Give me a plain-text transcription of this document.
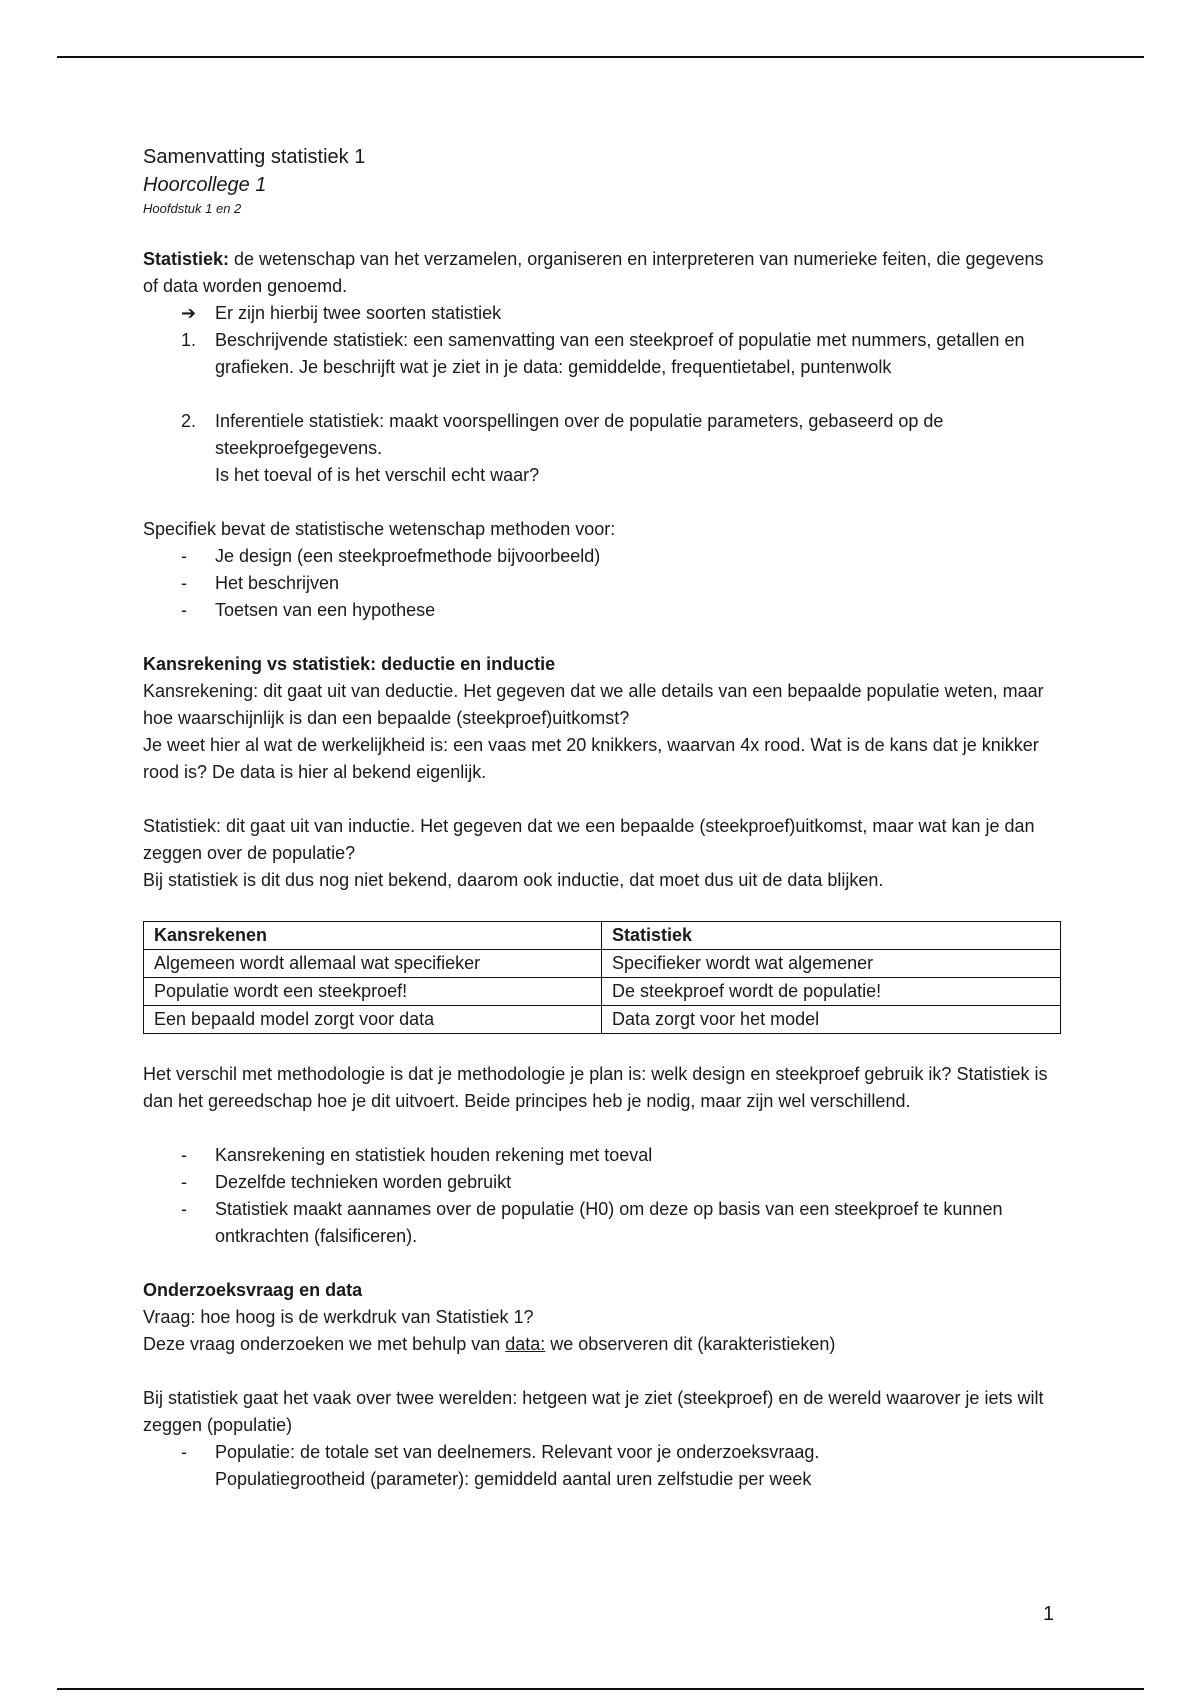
Samenvatting statistiek 1

Hoorcollege 1

Hoofdstuk 1 en 2

Statistiek: de wetenschap van het verzamelen, organiseren en interpreteren van numerieke feiten, die gegevens of data worden genoemd.

➔	Er zijn hierbij twee soorten statistiek
1.	Beschrijvende statistiek: een samenvatting van een steekproef of populatie met nummers, getallen en grafieken. Je beschrijft wat je ziet in je data: gemiddelde, frequentietabel, puntenwolk
2.	Inferentiele statistiek: maakt voorspellingen over de populatie parameters, gebaseerd op de steekproefgegevens.
Is het toeval of is het verschil echt waar?

Specifiek bevat de statistische wetenschap methoden voor:

-	Je design (een steekproefmethode bijvoorbeeld)
-	Het beschrijven
-	Toetsen van een hypothese

Kansrekening vs statistiek: deductie en inductie

Kansrekening: dit gaat uit van deductie. Het gegeven dat we alle details van een bepaalde populatie weten, maar hoe waarschijnlijk is dan een bepaalde (steekproef)uitkomst?

Je weet hier al wat de werkelijkheid is: een vaas met 20 knikkers, waarvan 4x rood. Wat is de kans dat je knikker rood is? De data is hier al bekend eigenlijk.

Statistiek: dit gaat uit van inductie. Het gegeven dat we een bepaalde (steekproef)uitkomst, maar wat kan je dan zeggen over de populatie?

Bij statistiek is dit dus nog niet bekend, daarom ook inductie, dat moet dus uit de data blijken.

Kansrekenen	Statistiek
Algemeen wordt allemaal wat specifieker	Specifieker wordt wat algemener
Populatie wordt een steekproef!	De steekproef wordt de populatie!
Een bepaald model zorgt voor data	Data zorgt voor het model

Het verschil met methodologie is dat je methodologie je plan is: welk design en steekproef gebruik ik? Statistiek is dan het gereedschap hoe je dit uitvoert. Beide principes heb je nodig, maar zijn wel verschillend.

-	Kansrekening en statistiek houden rekening met toeval
-	Dezelfde technieken worden gebruikt
-	Statistiek maakt aannames over de populatie (H0) om deze op basis van een steekproef te kunnen ontkrachten (falsificeren).

Onderzoeksvraag en data

Vraag: hoe hoog is de werkdruk van Statistiek 1?

Deze vraag onderzoeken we met behulp van data: we observeren dit (karakteristieken)

Bij statistiek gaat het vaak over twee werelden: hetgeen wat je ziet (steekproef) en de wereld waarover je iets wilt zeggen (populatie)

-	Populatie: de totale set van deelnemers. Relevant voor je onderzoeksvraag.
Populatiegrootheid (parameter): gemiddeld aantal uren zelfstudie per week
1
